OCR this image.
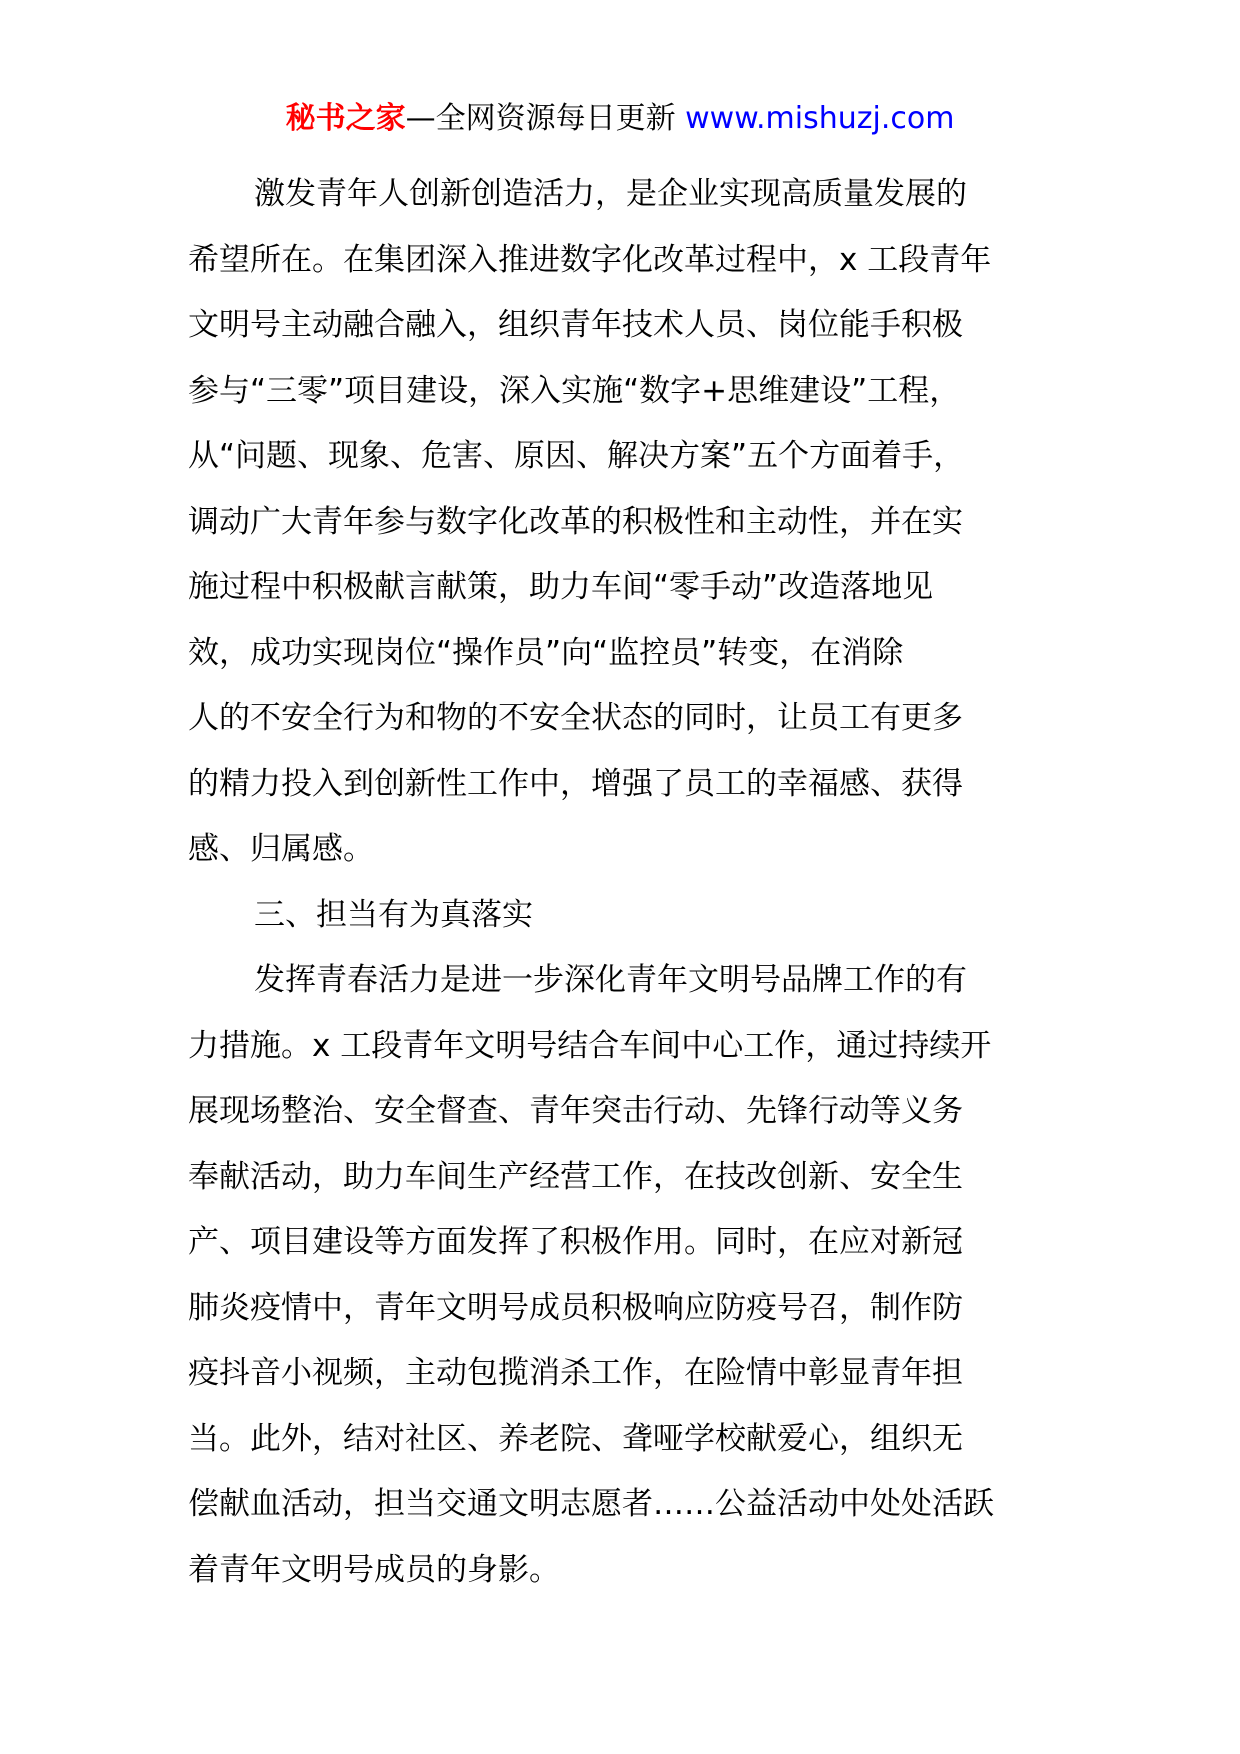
秘书之家—全网资源每日更新 www.mishuzj.com
激发青年人创新创造活力，是企业实现高质量发展的
希望所在。在集团深入推进数字化改革过程中，x 工段青年
文明号主动融合融入，组织青年技术人员、岗位能手积极
参与“三零”项目建设，深入实施“数字+思维建设”工程，
从“问题、现象、危害、原因、解决方案”五个方面着手，
调动广大青年参与数字化改革的积极性和主动性，并在实
施过程中积极献言献策，助力车间“零手动”改造落地见
效，成功实现岗位“操作员”向“监控员”转变，在消除
人的不安全行为和物的不安全状态的同时，让员工有更多
的精力投入到创新性工作中，增强了员工的幸福感、获得
感、归属感。
三、担当有为真落实
发挥青春活力是进一步深化青年文明号品牌工作的有
力措施。x 工段青年文明号结合车间中心工作，通过持续开
展现场整治、安全督查、青年突击行动、先锋行动等义务
奉献活动，助力车间生产经营工作，在技改创新、安全生
产、项目建设等方面发挥了积极作用。同时，在应对新冠
肺炎疫情中，青年文明号成员积极响应防疫号召，制作防
疫抖音小视频，主动包揽消杀工作，在险情中彰显青年担
当。此外，结对社区、养老院、聋哑学校献爱心，组织无
偿献血活动，担当交通文明志愿者……公益活动中处处活跃
着青年文明号成员的身影。
